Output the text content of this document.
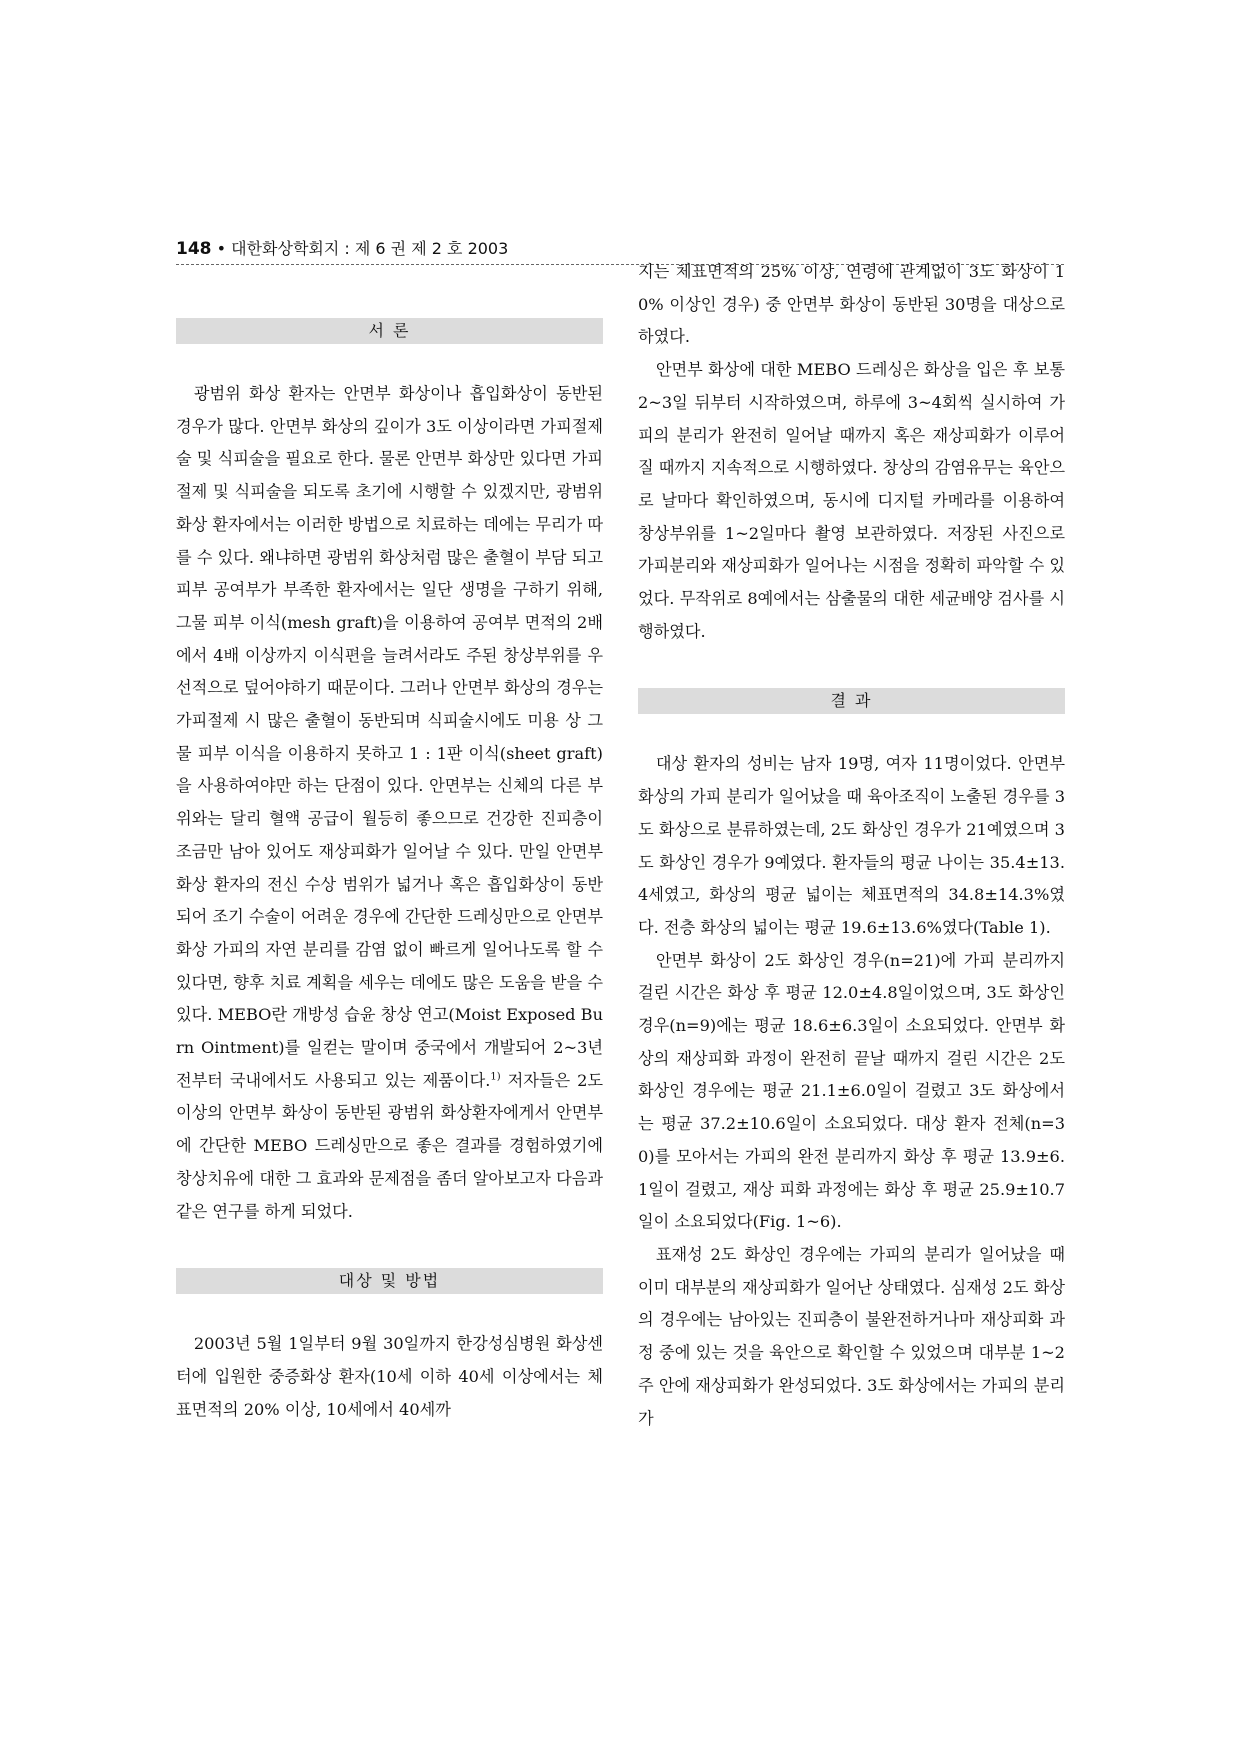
148 • 대한화상학회지 : 제 6 권 제 2 호 2003
서 론

광범위 화상 환자는 안면부 화상이나 흡입화상이 동반된 경우가 많다. 안면부 화상의 깊이가 3도 이상이라면 가피절제술 및 식피술을 필요로 한다. 물론 안면부 화상만 있다면 가피절제 및 식피술을 되도록 초기에 시행할 수 있겠지만, 광범위 화상 환자에서는 이러한 방법으로 치료하는 데에는 무리가 따를 수 있다. 왜냐하면 광범위 화상처럼 많은 출혈이 부담 되고 피부 공여부가 부족한 환자에서는 일단 생명을 구하기 위해, 그물 피부 이식(mesh graft)을 이용하여 공여부 면적의 2배에서 4배 이상까지 이식편을 늘려서라도 주된 창상부위를 우선적으로 덮어야하기 때문이다. 그러나 안면부 화상의 경우는 가피절제 시 많은 출혈이 동반되며 식피술시에도 미용 상 그물 피부 이식을 이용하지 못하고 1 : 1판 이식(sheet graft)을 사용하여야만 하는 단점이 있다. 안면부는 신체의 다른 부위와는 달리 혈액 공급이 월등히 좋으므로 건강한 진피층이 조금만 남아 있어도 재상피화가 일어날 수 있다. 만일 안면부 화상 환자의 전신 수상 범위가 넓거나 혹은 흡입화상이 동반되어 조기 수술이 어려운 경우에 간단한 드레싱만으로 안면부 화상 가피의 자연 분리를 감염 없이 빠르게 일어나도록 할 수 있다면, 향후 치료 계획을 세우는 데에도 많은 도움을 받을 수 있다. MEBO란 개방성 습윤 창상 연고(Moist Exposed Burn Ointment)를 일컫는 말이며 중국에서 개발되어 2~3년 전부터 국내에서도 사용되고 있는 제품이다.$^{1)}$ 저자들은 2도 이상의 안면부 화상이 동반된 광범위 화상환자에게서 안면부에 간단한 MEBO 드레싱만으로 좋은 결과를 경험하였기에 창상치유에 대한 그 효과와 문제점을 좀더 알아보고자 다음과 같은 연구를 하게 되었다.

대상 및 방법

2003년 5월 1일부터 9월 30일까지 한강성심병원 화상센터에 입원한 중증화상 환자(10세 이하 40세 이상에서는 체표면적의 20% 이상, 10세에서 40세까

지는 체표면적의 25% 이상, 연령에 관계없이 3도 화상이 10% 이상인 경우) 중 안면부 화상이 동반된 30명을 대상으로 하였다.

안면부 화상에 대한 MEBO 드레싱은 화상을 입은 후 보통 2~3일 뒤부터 시작하였으며, 하루에 3~4회씩 실시하여 가피의 분리가 완전히 일어날 때까지 혹은 재상피화가 이루어 질 때까지 지속적으로 시행하였다. 창상의 감염유무는 육안으로 날마다 확인하였으며, 동시에 디지털 카메라를 이용하여 창상부위를 1~2일마다 촬영 보관하였다. 저장된 사진으로 가피분리와 재상피화가 일어나는 시점을 정확히 파악할 수 있었다. 무작위로 8예에서는 삼출물의 대한 세균배양 검사를 시행하였다.

결 과

대상 환자의 성비는 남자 19명, 여자 11명이었다. 안면부 화상의 가피 분리가 일어났을 때 육아조직이 노출된 경우를 3도 화상으로 분류하였는데, 2도 화상인 경우가 21예였으며 3도 화상인 경우가 9예였다. 환자들의 평균 나이는 35.4±13.4세였고, 화상의 평균 넓이는 체표면적의 34.8±14.3%였다. 전층 화상의 넓이는 평균 19.6±13.6%였다(Table 1).

안면부 화상이 2도 화상인 경우(n=21)에 가피 분리까지 걸린 시간은 화상 후 평균 12.0±4.8일이었으며, 3도 화상인 경우(n=9)에는 평균 18.6±6.3일이 소요되었다. 안면부 화상의 재상피화 과정이 완전히 끝날 때까지 걸린 시간은 2도 화상인 경우에는 평균 21.1±6.0일이 걸렸고 3도 화상에서는 평균 37.2±10.6일이 소요되었다. 대상 환자 전체(n=30)를 모아서는 가피의 완전 분리까지 화상 후 평균 13.9±6.1일이 걸렸고, 재상 피화 과정에는 화상 후 평균 25.9±10.7일이 소요되었다(Fig. 1~6).

표재성 2도 화상인 경우에는 가피의 분리가 일어났을 때 이미 대부분의 재상피화가 일어난 상태였다. 심재성 2도 화상의 경우에는 남아있는 진피층이 불완전하거나마 재상피화 과정 중에 있는 것을 육안으로 확인할 수 있었으며 대부분 1~2주 안에 재상피화가 완성되었다. 3도 화상에서는 가피의 분리가
